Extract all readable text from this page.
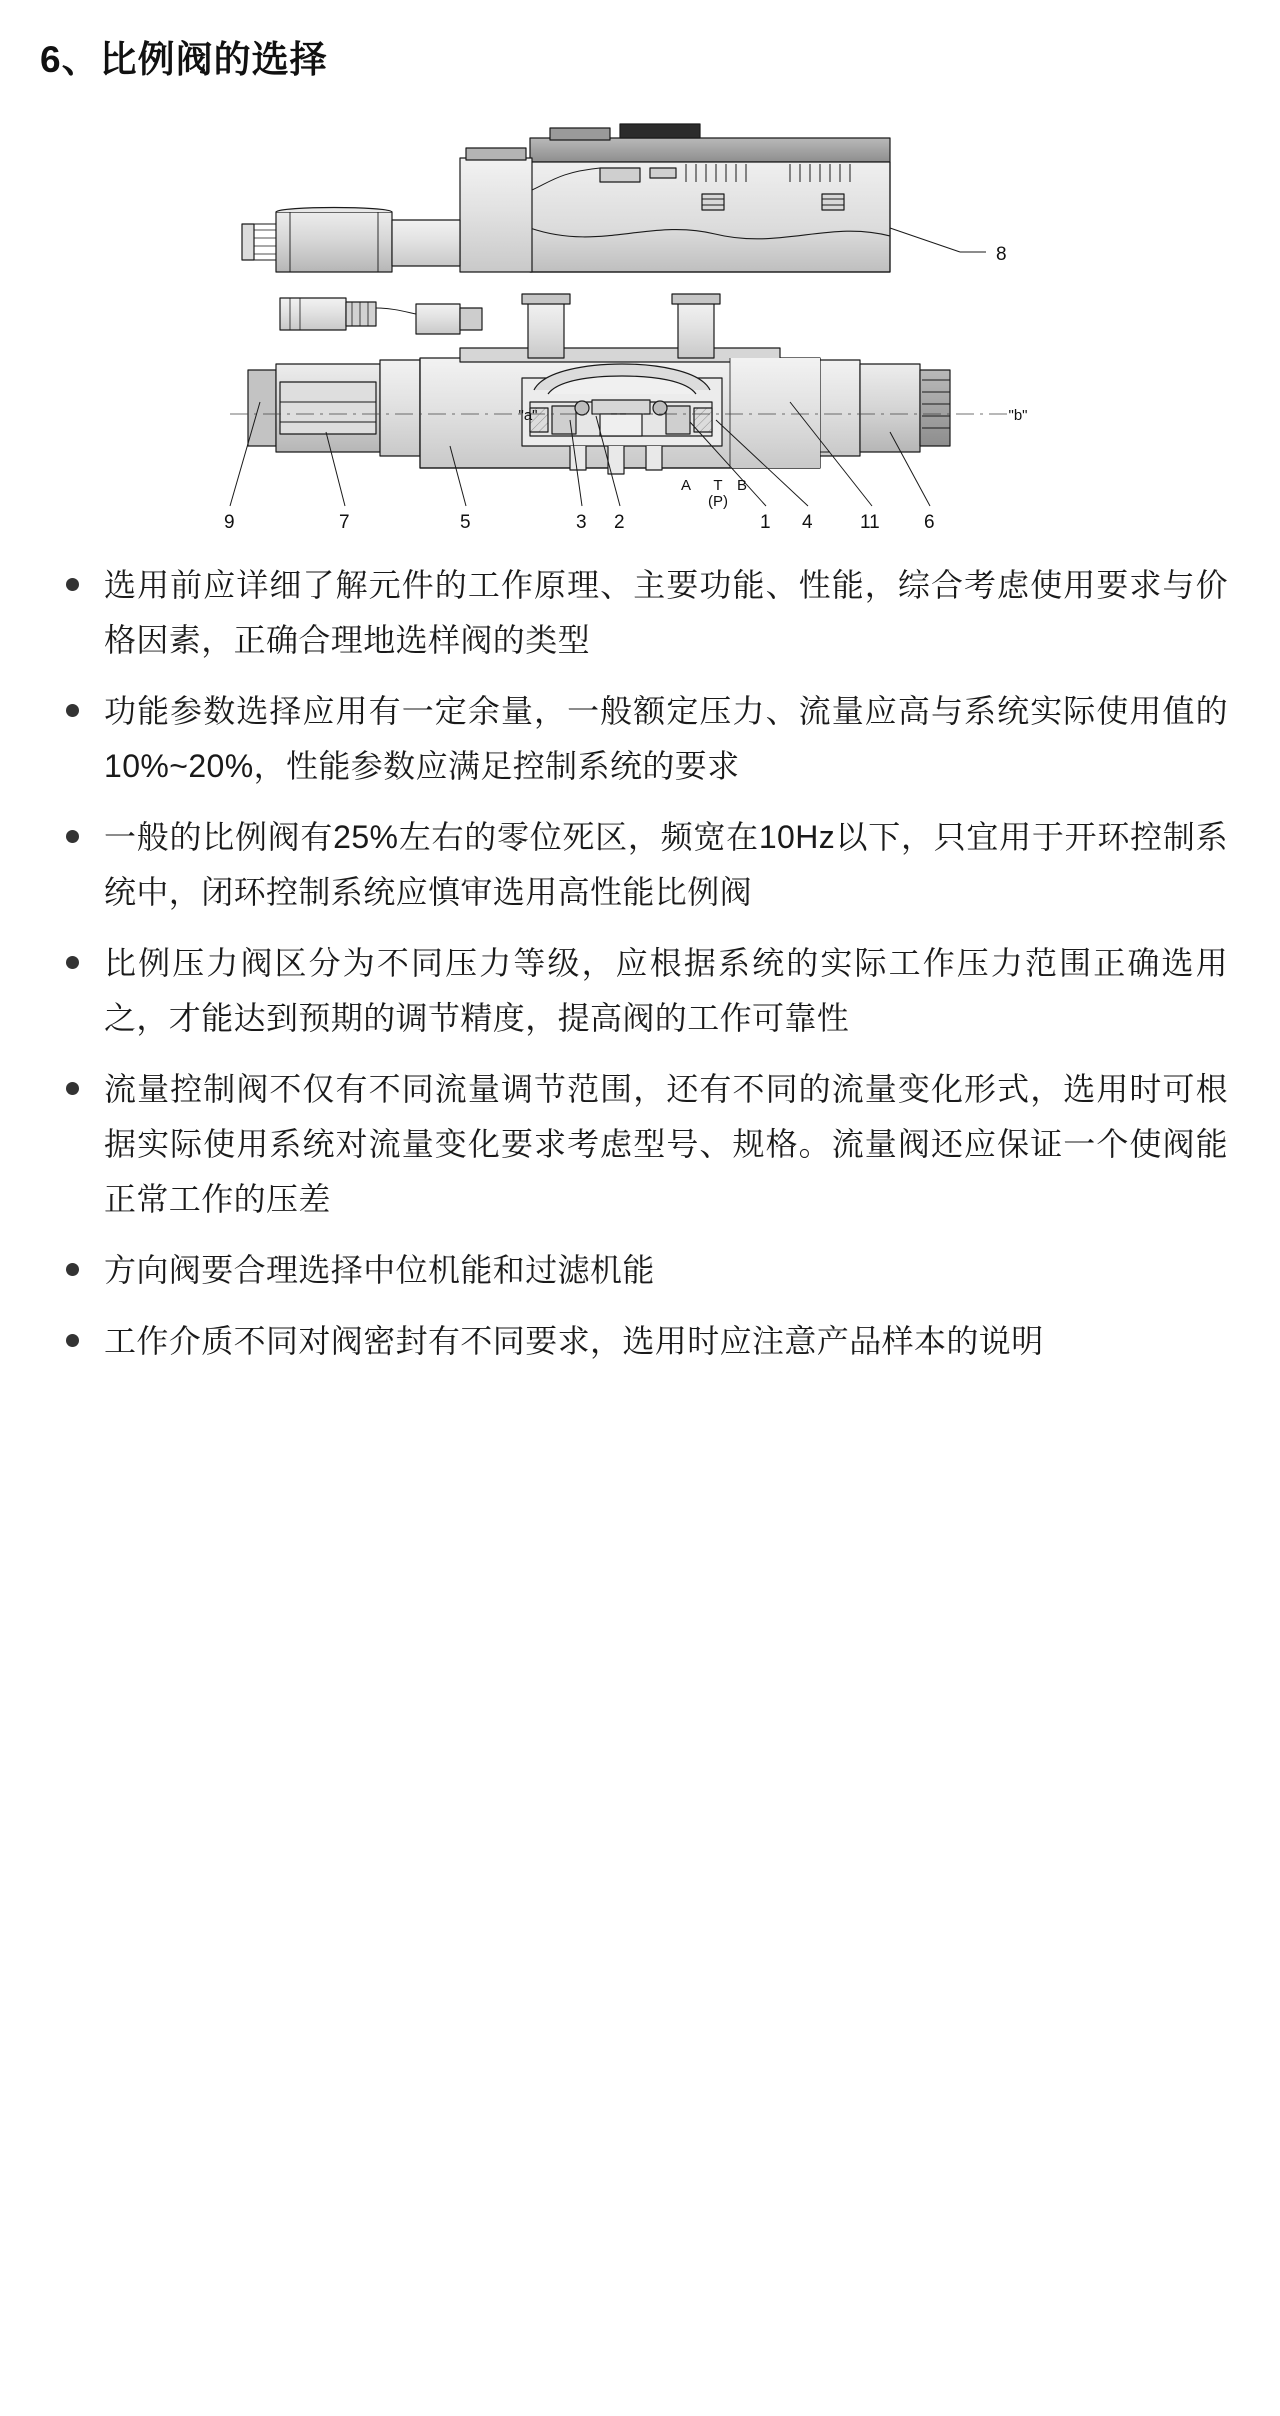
6、比例阀的选择
A T B
(P)
"a"	"b"
8
9	7	5	3 2	1 4 11 6
选用前应详细了解元件的工作原理、主要功能、性能，综合考虑使用要求与价格因素，正确合理地选样阀的类型
功能参数选择应用有一定余量，一般额定压力、流量应高与系统实际使用值的10%~20%，性能参数应满足控制系统的要求
一般的比例阀有25%左右的零位死区，频宽在10Hz以下，只宜用于开环控制系统中，闭环控制系统应慎审选用高性能比例阀
比例压力阀区分为不同压力等级，应根据系统的实际工作压力范围正确选用之，才能达到预期的调节精度，提高阀的工作可靠性
流量控制阀不仅有不同流量调节范围，还有不同的流量变化形式，选用时可根据实际使用系统对流量变化要求考虑型号、规格。流量阀还应保证一个使阀能正常工作的压差
方向阀要合理选择中位机能和过滤机能
工作介质不同对阀密封有不同要求，选用时应注意产品样本的说明
